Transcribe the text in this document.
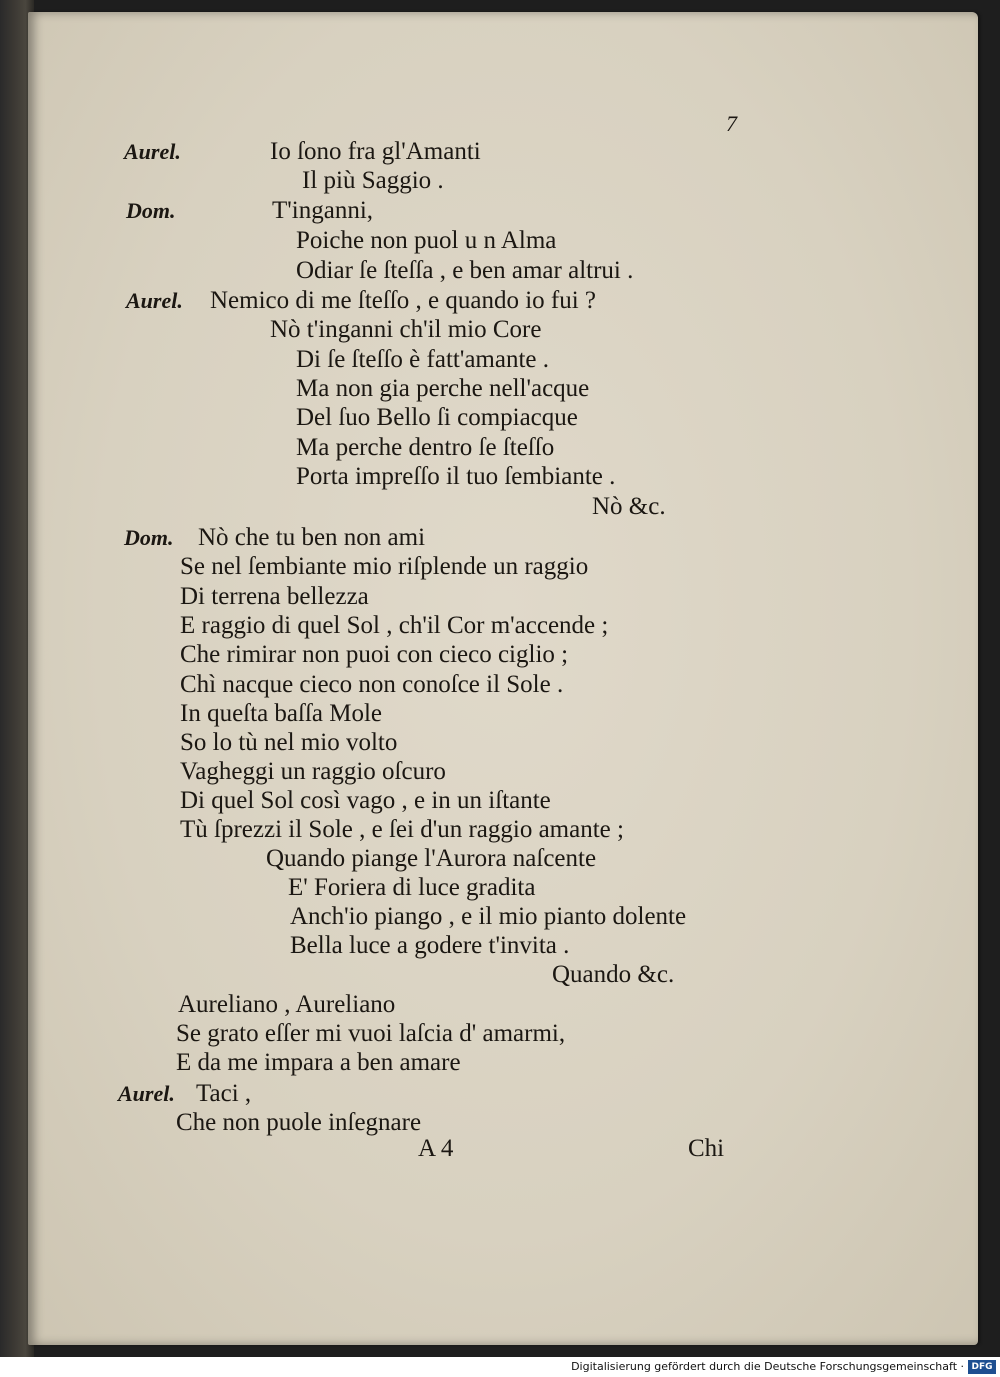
7
Aurel.	Io ſono fra gl'Amanti
Il più Saggio .
Dom.	T'inganni,
Poiche non puol u n Alma
Odiar ſe ſteſſa , e ben amar altrui .
Aurel. Nemico di me ſteſſo , e quando io fui ?
Nò t'inganni ch'il mio Core
Di ſe ſteſſo è fatt'amante .
Ma non gia perche nell'acque
Del ſuo Bello ſi compiacque
Ma perche dentro ſe ſteſſo
Porta impreſſo il tuo ſembiante .
Nò &c.
Dom. Nò che tu ben non ami
Se nel ſembiante mio riſplende un raggio
Di terrena bellezza
E raggio di quel Sol , ch'il Cor m'accende ;
Che rimirar non puoi con cieco ciglio ;
Chì nacque cieco non conoſce il Sole .
In queſta baſſa Mole
So lo tù nel mio volto
Vagheggi un raggio oſcuro
Di quel Sol così vago , e in un iſtante
Tù ſprezzi il Sole , e ſei d'un raggio amante ;
Quando piange l'Aurora naſcente
E' Foriera di luce gradita
Anch'io piango , e il mio pianto dolente
Bella luce a godere t'invita .
Quando &c.
Aureliano , Aureliano
Se grato eſſer mi vuoi laſcia d' amarmi,
E da me impara a ben amare
Aurel. Taci ,
Che non puole inſegnare
A 4	Chi
Digitalisierung gefördert durch die Deutsche Forschungsgemeinschaft · DFG
